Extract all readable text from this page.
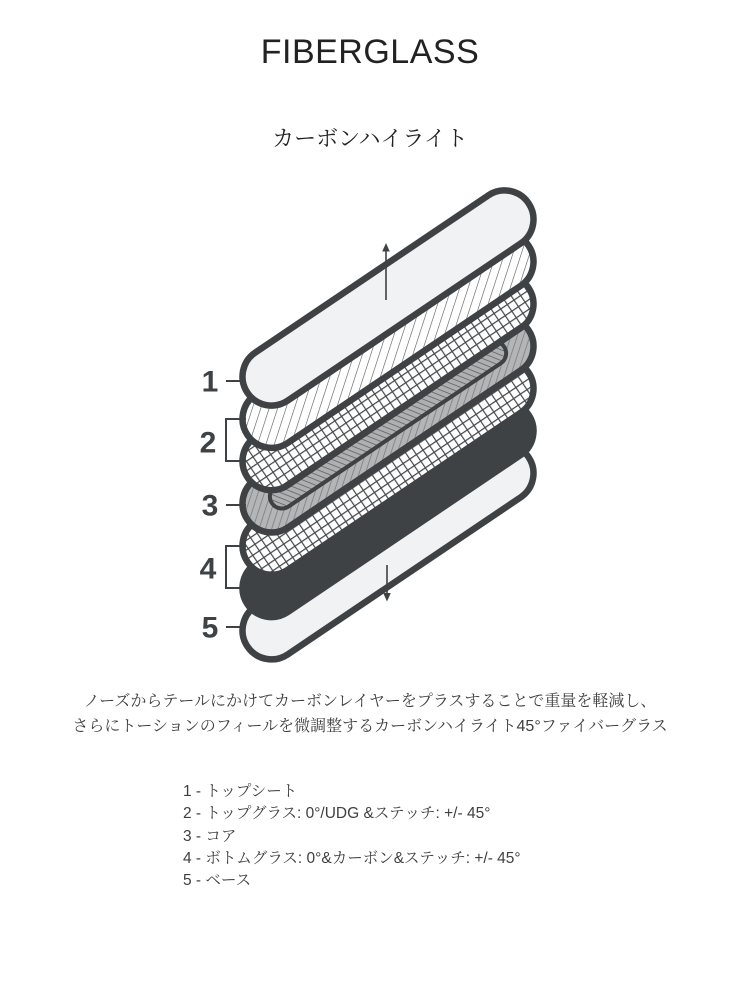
FIBERGLASS
カーボンハイライト
1
2
3
4
5
ノーズからテールにかけてカーボンレイヤーをプラスすることで重量を軽減し、
さらにトーションのフィールを微調整するカーボンハイライト45°ファイバーグラス
1 - トップシート
2 - トップグラス: 0°/UDG &ステッチ: +/- 45°
3 - コア
4 - ボトムグラス: 0°&カーボン&ステッチ: +/- 45°
5 - ベース
